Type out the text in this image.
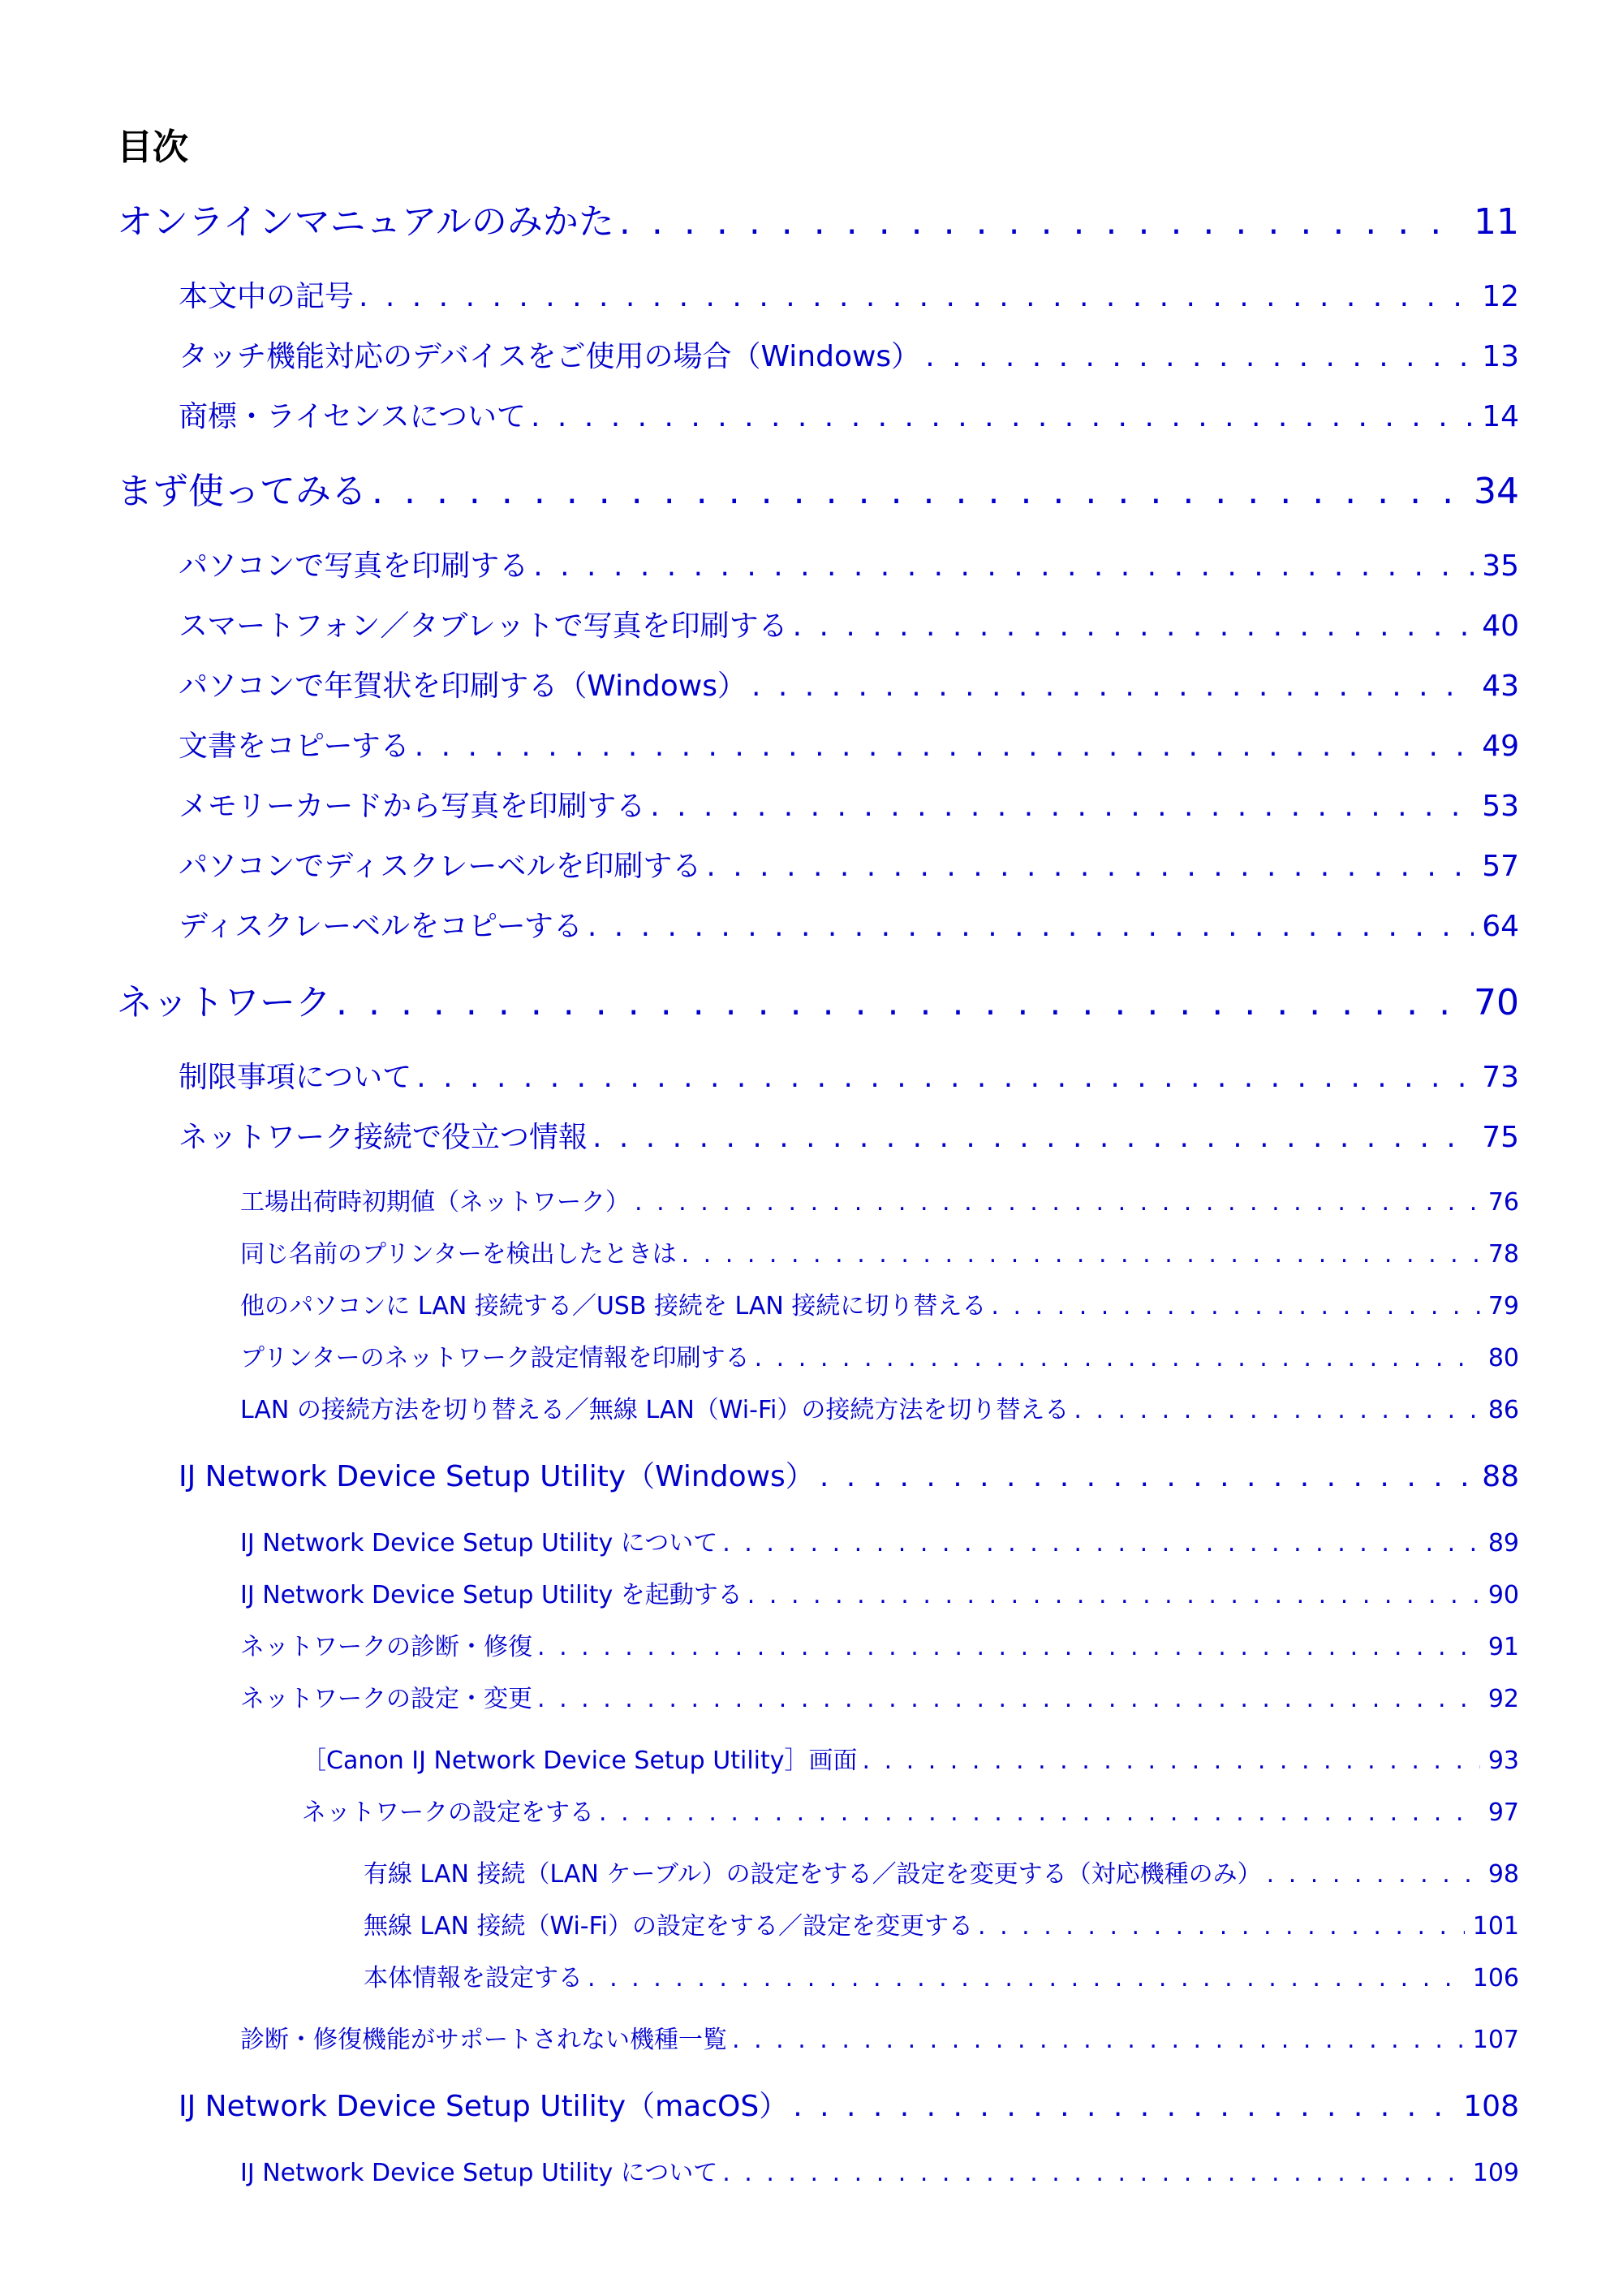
目次
オンラインマニュアルのみかた . . .	11
本文中の記号 . . .	12
タッチ機能対応のデバイスをご使用の場合（Windows） . . .	13
商標・ライセンスについて . . .	14
まず使ってみる . . .	34
パソコンで写真を印刷する . . .	35
スマートフォン／タブレットで写真を印刷する . . .	40
パソコンで年賀状を印刷する（Windows） . . .	43
文書をコピーする . . .	49
メモリーカードから写真を印刷する . . .	53
パソコンでディスクレーベルを印刷する . . .	57
ディスクレーベルをコピーする . . .	64
ネットワーク . . .	70
制限事項について . . .	73
ネットワーク接続で役立つ情報 . . .	75
工場出荷時初期値（ネットワーク） . . .	76
同じ名前のプリンターを検出したときは . . .	78
他のパソコンに LAN 接続する／USB 接続を LAN 接続に切り替える . . .	79
プリンターのネットワーク設定情報を印刷する . . .	80
LAN の接続方法を切り替える／無線 LAN（Wi-Fi）の接続方法を切り替える . . .	86
IJ Network Device Setup Utility（Windows） . . .	88
IJ Network Device Setup Utility について . . .	89
IJ Network Device Setup Utility を起動する . . .	90
ネットワークの診断・修復 . . .	91
ネットワークの設定・変更 . . .	92
［Canon IJ Network Device Setup Utility］画面 . . .	93
ネットワークの設定をする . . .	97
有線 LAN 接続（LAN ケーブル）の設定をする／設定を変更する（対応機種のみ） . . .	98
無線 LAN 接続（Wi-Fi）の設定をする／設定を変更する . . .	101
本体情報を設定する . . .	106
診断・修復機能がサポートされない機種一覧 . . .	107
IJ Network Device Setup Utility（macOS） . . .	108
IJ Network Device Setup Utility について . . .	109
